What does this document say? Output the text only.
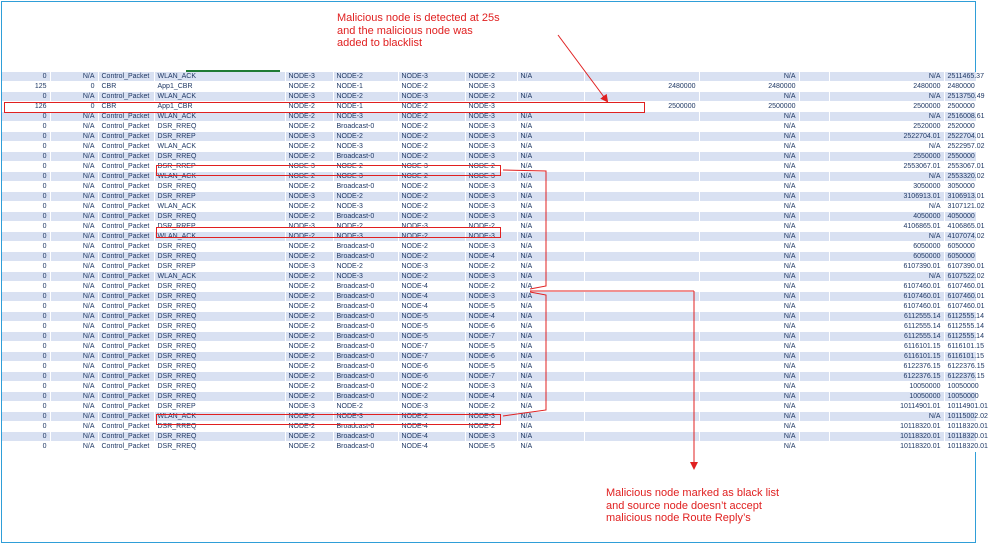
Malicious node is detected at 25s
and the malicious node was
added to blacklist
0	N/A	Control_Packet	WLAN_ACK	NODE-3	NODE-2	NODE-3	NODE-2	N/A		N/A		N/A	2511465.37
125	0	CBR	App1_CBR	NODE-2	NODE-1	NODE-2	NODE-3		2480000	2480000		2480000	2480000
0	N/A	Control_Packet	WLAN_ACK	NODE-3	NODE-2	NODE-3	NODE-2	N/A		N/A		N/A	2513750.49
126	0	CBR	App1_CBR	NODE-2	NODE-1	NODE-2	NODE-3		2500000	2500000		2500000	2500000
0	N/A	Control_Packet	WLAN_ACK	NODE-2	NODE-3	NODE-2	NODE-3	N/A		N/A		N/A	2516008.61
0	N/A	Control_Packet	DSR_RREQ	NODE-2	Broadcast-0	NODE-2	NODE-3	N/A		N/A		2520000	2520000
0	N/A	Control_Packet	DSR_RREP	NODE-3	NODE-2	NODE-2	NODE-3	N/A		N/A		2522704.01	2522704.01
0	N/A	Control_Packet	WLAN_ACK	NODE-2	NODE-3	NODE-2	NODE-3	N/A		N/A		N/A	2522957.02
0	N/A	Control_Packet	DSR_RREQ	NODE-2	Broadcast-0	NODE-2	NODE-3	N/A		N/A		2550000	2550000
0	N/A	Control_Packet	DSR_RREP	NODE-3	NODE-2	NODE-3	NODE-2	N/A		N/A		2553067.01	2553067.01
0	N/A	Control_Packet	WLAN_ACK	NODE-2	NODE-3	NODE-2	NODE-3	N/A		N/A		N/A	2553320.02
0	N/A	Control_Packet	DSR_RREQ	NODE-2	Broadcast-0	NODE-2	NODE-3	N/A		N/A		3050000	3050000
0	N/A	Control_Packet	DSR_RREP	NODE-3	NODE-2	NODE-2	NODE-3	N/A		N/A		3106913.01	3106913.01
0	N/A	Control_Packet	WLAN_ACK	NODE-2	NODE-3	NODE-2	NODE-3	N/A		N/A		N/A	3107121.02
0	N/A	Control_Packet	DSR_RREQ	NODE-2	Broadcast-0	NODE-2	NODE-3	N/A		N/A		4050000	4050000
0	N/A	Control_Packet	DSR_RREP	NODE-3	NODE-2	NODE-3	NODE-2	N/A		N/A		4106865.01	4106865.01
0	N/A	Control_Packet	WLAN_ACK	NODE-2	NODE-3	NODE-2	NODE-3	N/A		N/A		N/A	4107074.02
0	N/A	Control_Packet	DSR_RREQ	NODE-2	Broadcast-0	NODE-2	NODE-3	N/A		N/A		6050000	6050000
0	N/A	Control_Packet	DSR_RREQ	NODE-2	Broadcast-0	NODE-2	NODE-4	N/A		N/A		6050000	6050000
0	N/A	Control_Packet	DSR_RREP	NODE-3	NODE-2	NODE-3	NODE-2	N/A		N/A		6107390.01	6107390.01
0	N/A	Control_Packet	WLAN_ACK	NODE-2	NODE-3	NODE-2	NODE-3	N/A		N/A		N/A	6107522.02
0	N/A	Control_Packet	DSR_RREQ	NODE-2	Broadcast-0	NODE-4	NODE-2	N/A		N/A		6107460.01	6107460.01
0	N/A	Control_Packet	DSR_RREQ	NODE-2	Broadcast-0	NODE-4	NODE-3	N/A		N/A		6107460.01	6107460.01
0	N/A	Control_Packet	DSR_RREQ	NODE-2	Broadcast-0	NODE-4	NODE-5	N/A		N/A		6107460.01	6107460.01
0	N/A	Control_Packet	DSR_RREQ	NODE-2	Broadcast-0	NODE-5	NODE-4	N/A		N/A		6112555.14	6112555.14
0	N/A	Control_Packet	DSR_RREQ	NODE-2	Broadcast-0	NODE-5	NODE-6	N/A		N/A		6112555.14	6112555.14
0	N/A	Control_Packet	DSR_RREQ	NODE-2	Broadcast-0	NODE-5	NODE-7	N/A		N/A		6112555.14	6112555.14
0	N/A	Control_Packet	DSR_RREQ	NODE-2	Broadcast-0	NODE-7	NODE-5	N/A		N/A		6116101.15	6116101.15
0	N/A	Control_Packet	DSR_RREQ	NODE-2	Broadcast-0	NODE-7	NODE-6	N/A		N/A		6116101.15	6116101.15
0	N/A	Control_Packet	DSR_RREQ	NODE-2	Broadcast-0	NODE-6	NODE-5	N/A		N/A		6122376.15	6122376.15
0	N/A	Control_Packet	DSR_RREQ	NODE-2	Broadcast-0	NODE-6	NODE-7	N/A		N/A		6122376.15	6122376.15
0	N/A	Control_Packet	DSR_RREQ	NODE-2	Broadcast-0	NODE-2	NODE-3	N/A		N/A		10050000	10050000
0	N/A	Control_Packet	DSR_RREQ	NODE-2	Broadcast-0	NODE-2	NODE-4	N/A		N/A		10050000	10050000
0	N/A	Control_Packet	DSR_RREP	NODE-3	NODE-2	NODE-3	NODE-2	N/A		N/A		10114901.01	10114901.01
0	N/A	Control_Packet	WLAN_ACK	NODE-2	NODE-3	NODE-2	NODE-3	N/A		N/A		N/A	10115002.02
0	N/A	Control_Packet	DSR_RREQ	NODE-2	Broadcast-0	NODE-4	NODE-2	N/A		N/A		10118320.01	10118320.01
0	N/A	Control_Packet	DSR_RREQ	NODE-2	Broadcast-0	NODE-4	NODE-3	N/A		N/A		10118320.01	10118320.01
0	N/A	Control_Packet	DSR_RREQ	NODE-2	Broadcast-0	NODE-4	NODE-5	N/A		N/A		10118320.01	10118320.01
Malicious node marked as black list
and source node doesn’t accept
malicious node Route Reply’s
